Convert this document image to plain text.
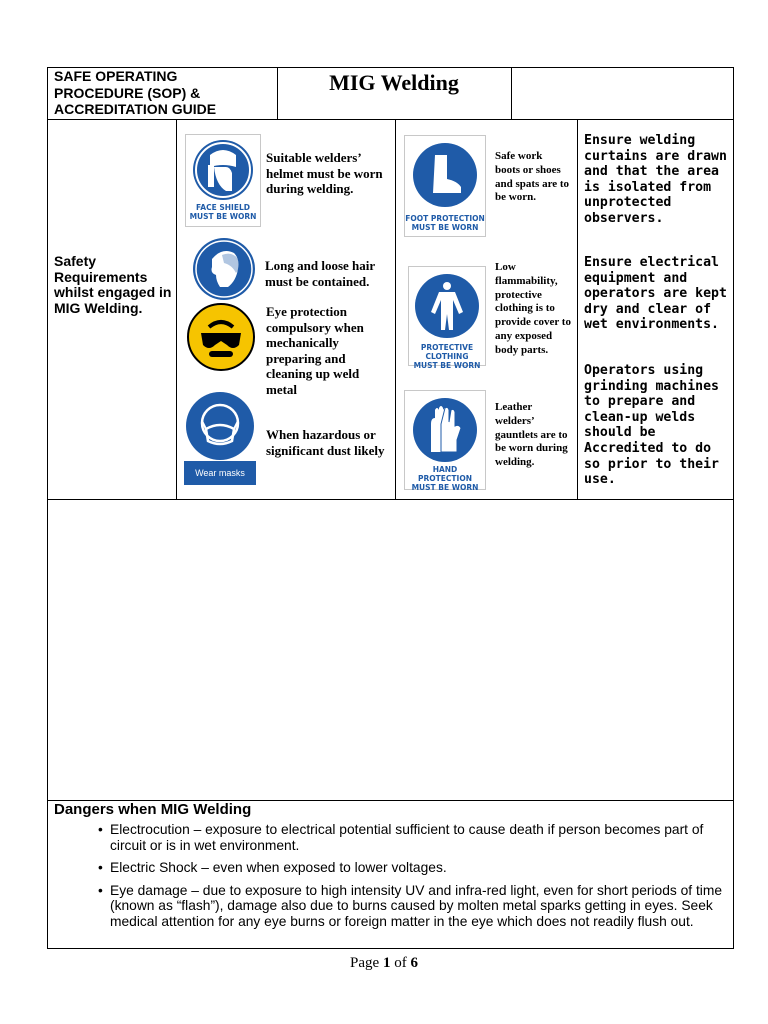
SAFE OPERATING PROCEDURE (SOP) & ACCREDITATION GUIDE
MIG Welding
Safety Requirements whilst engaged in MIG Welding.
FACE SHIELD
MUST BE WORN
Suitable welders’ helmet must be worn during welding.
Long and loose hair must be contained.
Eye protection compulsory when mechanically preparing and cleaning up weld metal
Wear masks
When hazardous or significant dust likely
FOOT PROTECTION
MUST BE WORN
Safe work boots or shoes and spats are to be worn.
PROTECTIVE CLOTHING
MUST BE WORN
Low flammability, protective clothing is to provide cover to any exposed body parts.
HAND PROTECTION
MUST BE WORN
Leather welders’ gauntlets are to be worn during welding.
Ensure welding curtains are drawn and that the area is isolated from unprotected observers.
Ensure electrical equipment and operators are kept dry and clear of wet environments.
Operators using grinding machines to prepare and clean-up welds should be Accredited to do so prior to their use.
Dangers when MIG Welding
• Electrocution – exposure to electrical potential sufficient to cause death if person becomes part of circuit or is in wet environment.
• Electric Shock – even when exposed to lower voltages.
• Eye damage – due to exposure to high intensity UV and infra-red light, even for short periods of time (known as “flash”), damage also due to burns caused by molten metal sparks getting in eyes. Seek medical attention for any eye burns or foreign matter in the eye which does not readily flush out.
Page 1 of 6
